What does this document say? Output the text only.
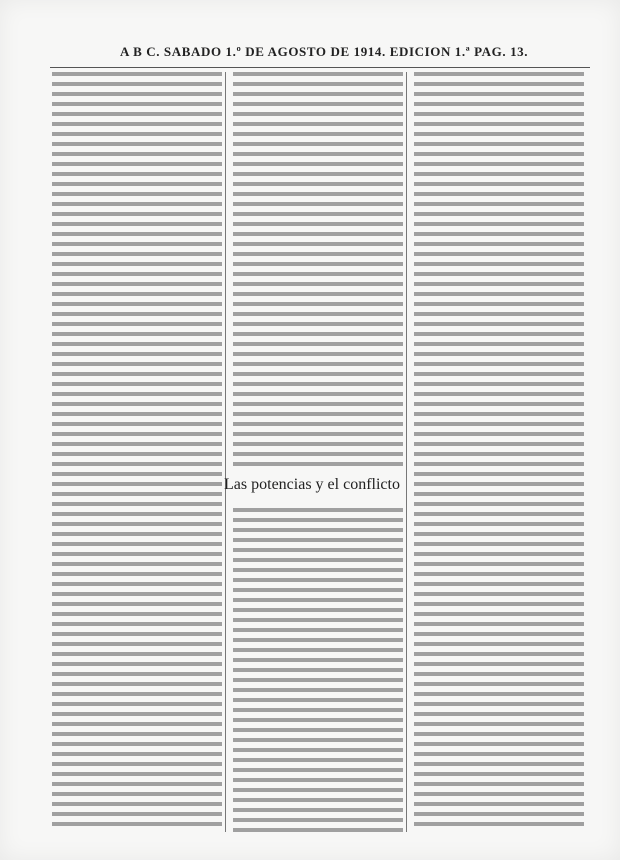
A B C. SABADO 1.º DE AGOSTO DE 1914. EDICION 1.ª PAG. 13.
Las potencias y el conflicto
